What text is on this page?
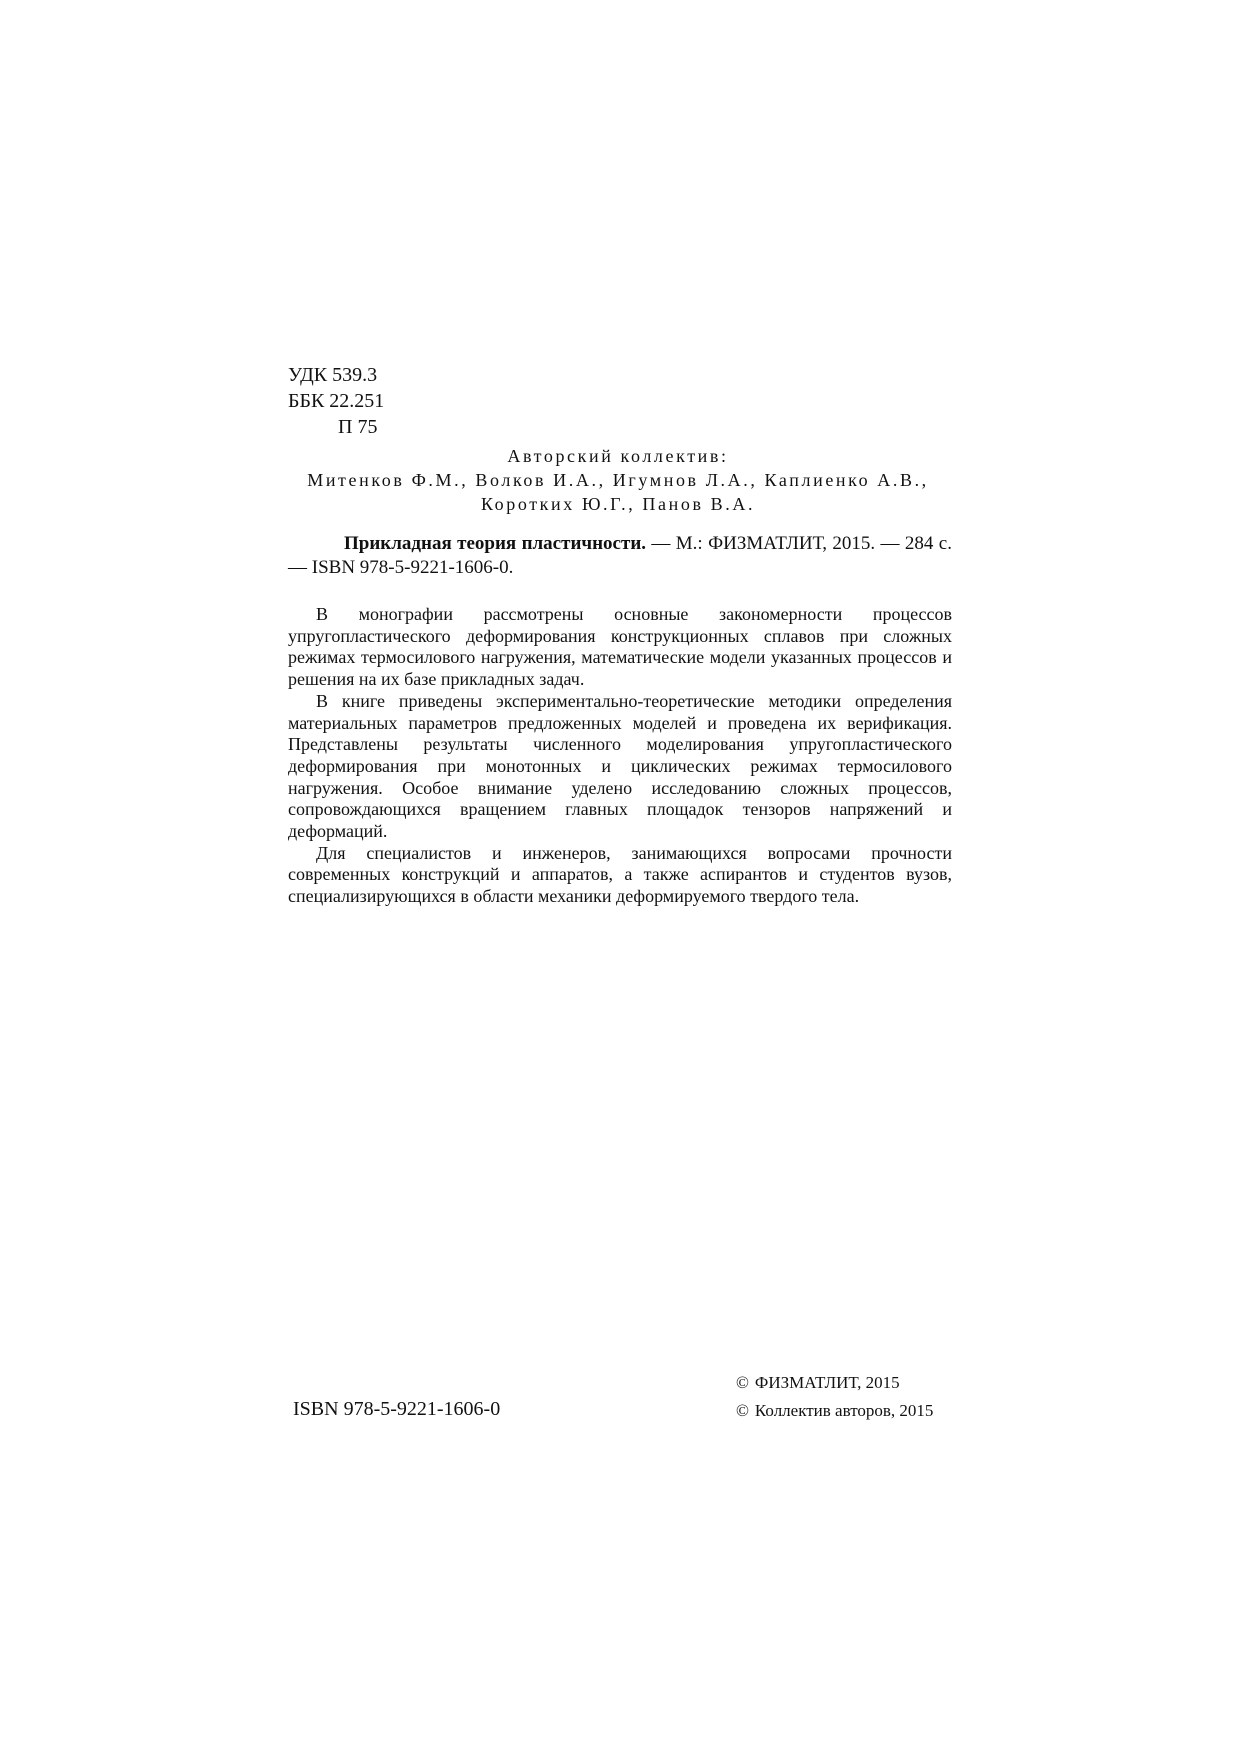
УДК 539.3
ББК 22.251
П 75
Авторский коллектив:
Митенков Ф.М., Волков И.А., Игумнов Л.А., Каплиенко А.В.,
Коротких Ю.Г., Панов В.А.
Прикладная теория пластичности. — М.: ФИЗМАТЛИТ, 2015. — 284 с. — ISBN 978-5-9221-1606-0.

В монографии рассмотрены основные закономерности процессов упругопластического деформирования конструкционных сплавов при сложных режимах термосилового нагружения, математические модели указанных процессов и решения на их базе прикладных задач.

В книге приведены экспериментально-теоретические методики определения материальных параметров предложенных моделей и проведена их верификация. Представлены результаты численного моделирования упругопластического деформирования при монотонных и циклических режимах термосилового нагружения. Особое внимание уделено исследованию сложных процессов, сопровождающихся вращением главных площадок тензоров напряжений и деформаций.

Для специалистов и инженеров, занимающихся вопросами прочности современных конструкций и аппаратов, а также аспирантов и студентов вузов, специализирующихся в области механики деформируемого твердого тела.

ISBN 978-5-9221-1606-0
© ФИЗМАТЛИТ, 2015
© Коллектив авторов, 2015
